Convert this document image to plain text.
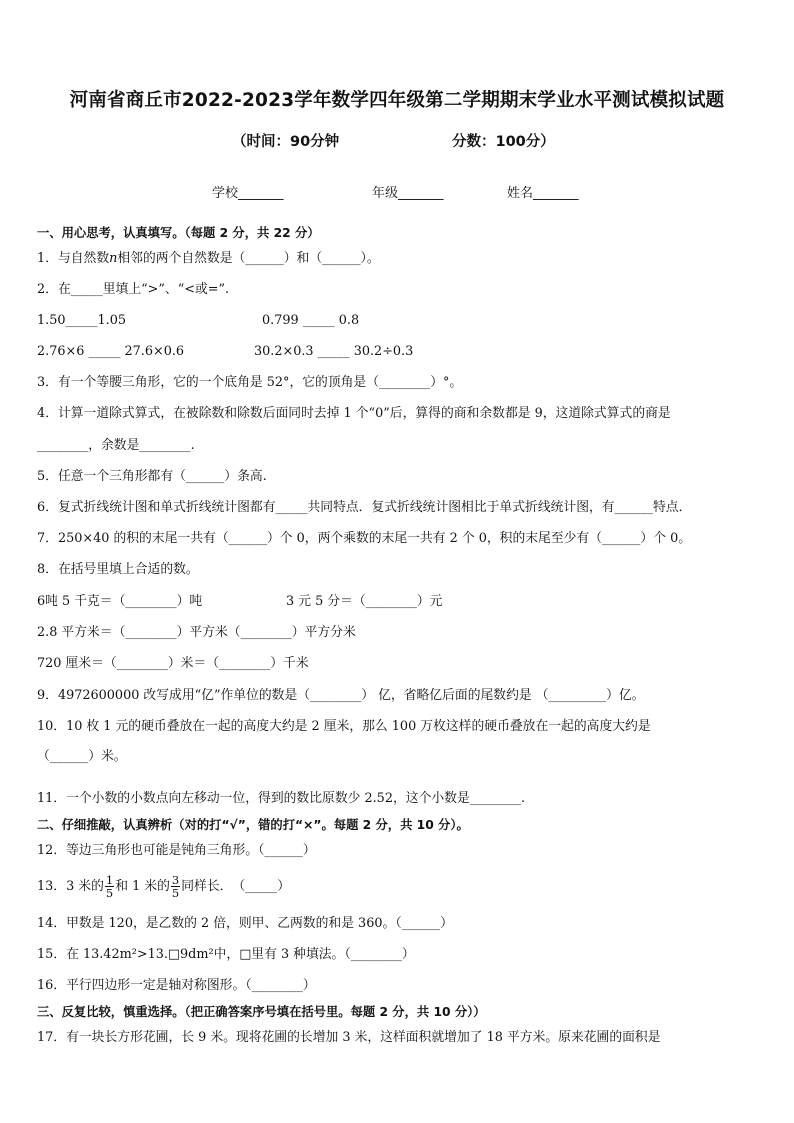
河南省商丘市2022-2023学年数学四年级第二学期期末学业水平测试模拟试题
（时间：90分钟	分数：100分）
学校_______	年级_______	姓名_______
一、用心思考，认真填写。（每题 2 分，共 22 分）
1．与自然数𝑛相邻的两个自然数是（______）和（______）。
2．在_____里填上“>”、“<或=”.
1.50_____1.05	0.799 _____ 0.8
2.76×6 _____ 27.6×0.6	30.2×0.3 _____ 30.2÷0.3
3．有一个等腰三角形，它的一个底角是 52°，它的顶角是（________）°。
4．计算一道除式算式，在被除数和除数后面同时去掉 1 个“0”后，算得的商和余数都是 9，这道除式算式的商是
________，余数是________.
5．任意一个三角形都有（______）条高.
6．复式折线统计图和单式折线统计图都有_____共同特点．复式折线统计图相比于单式折线统计图，有______特点．
7．250×40 的积的末尾一共有（______）个 0，两个乘数的末尾一共有 2 个 0，积的末尾至少有（______）个 0。
8．在括号里填上合适的数。
6吨 5 千克＝（________）吨	3 元 5 分＝（________）元
2.8 平方米＝（________）平方米（________）平方分米
720 厘米＝（________）米＝（________）千米
9．4972600000 改写成用“亿”作单位的数是（________） 亿，省略亿后面的尾数约是 （_________）亿。
10．10 枚 1 元的硬币叠放在一起的高度大约是 2 厘米，那么 100 万枚这样的硬币叠放在一起的高度大约是
（______）米。
11．一个小数的小数点向左移动一位，得到的数比原数少 2.52，这个小数是________.
二、仔细推敲，认真辨析（对的打“√”，错的打“×”。每题 2 分，共 10 分）。
12．等边三角形也可能是钝角三角形。（______）
13．3 米的 $\frac{1}{5}$ 和 1 米的 $\frac{3}{5}$ 同样长．　（_____）
14．甲数是 120，是乙数的 2 倍，则甲、乙两数的和是 360。（______）
15．在 13.42m²>13.□9dm²中，□里有 3 种填法。（________）
16．平行四边形一定是轴对称图形。（________）
三、反复比较，慎重选择。（把正确答案序号填在括号里。每题 2 分，共 10 分））
17．有一块长方形花圃，长 9 米。现将花圃的长增加 3 米，这样面积就增加了 18 平方米。原来花圃的面积是
